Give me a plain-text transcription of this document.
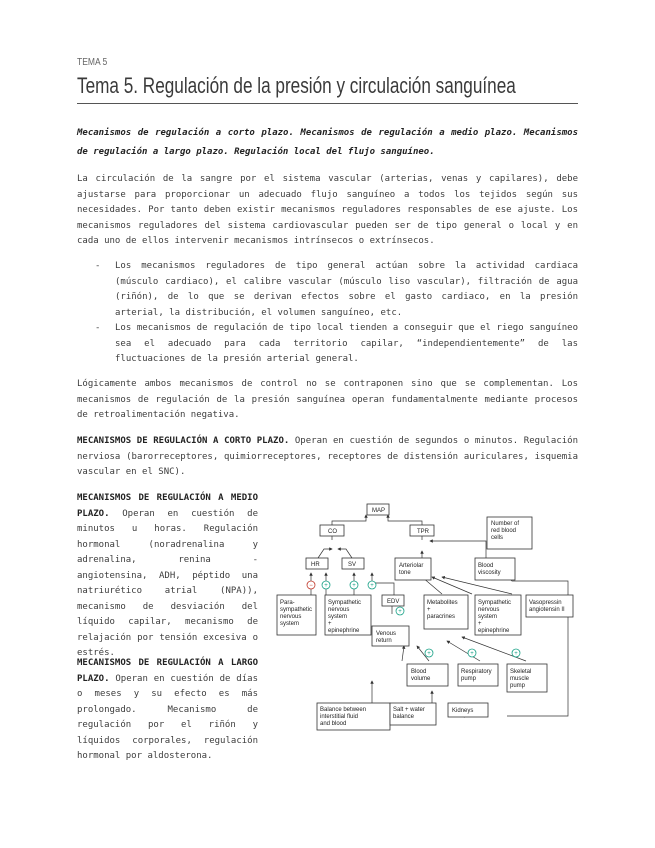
TEMA 5
Tema 5. Regulación de la presión y circulación sanguínea
Mecanismos de regulación a corto plazo. Mecanismos de regulación a medio plazo. Mecanismos de regulación a largo plazo. Regulación local del flujo sanguíneo.
La circulación de la sangre por el sistema vascular (arterias, venas y capilares), debe ajustarse para proporcionar un adecuado flujo sanguíneo a todos los tejidos según sus necesidades. Por tanto deben existir mecanismos reguladores responsables de ese ajuste. Los mecanismos reguladores del sistema cardiovascular pueden ser de tipo general o local y en cada uno de ellos intervenir mecanismos intrínsecos o extrínsecos.
- Los mecanismos reguladores de tipo general actúan sobre la actividad cardiaca (músculo cardiaco), el calibre vascular (músculo liso vascular), filtración de agua (riñón), de lo que se derivan efectos sobre el gasto cardiaco, en la presión arterial, la distribución, el volumen sanguíneo, etc.
- Los mecanismos de regulación de tipo local tienden a conseguir que el riego sanguíneo sea el adecuado para cada territorio capilar, “independientemente” de las fluctuaciones de la presión arterial general.
Lógicamente ambos mecanismos de control no se contraponen sino que se complementan. Los mecanismos de regulación de la presión sanguínea operan fundamentalmente mediante procesos de retroalimentación negativa.
MECANISMOS DE REGULACIÓN A CORTO PLAZO. Operan en cuestión de segundos o minutos. Regulación nerviosa (barorreceptores, quimiorreceptores, receptores de distensión auriculares, isquemia vascular en el SNC).
MECANISMOS DE REGULACIÓN A MEDIO PLAZO. Operan en cuestión de minutos u horas. Regulación hormonal (noradrenalina y adrenalina, renina - angiotensina, ADH, péptido una natriurético atrial (NPA)), mecanismo de desviación del líquido capilar, mecanismo de relajación por tensión excesiva o estrés.
MECANISMOS DE REGULACIÓN A LARGO PLAZO. Operan en cuestión de días o meses y su efecto es más prolongado. Mecanismo de regulación por el riñón y líquidos corporales, regulación hormonal por aldosterona.
− +	+ +
+
+	+	+
MAP
CO	TPR
Number of
red blood
cells
HR	SV	Arteriolar
tone
Blood
viscosity
Para-
sympathetic
nervous
system
Sympathetic
nervous
system
+
epinephrine
EDV	Metabolites
+
paracrines
Sympathetic
nervous
system
+
epinephrine
Vasopressin
angiotensin II
Venous
return
Blood
volume
Respiratory
pump
Skeletal
muscle
pump
Balance between
interstitial fluid
and blood
Salt + water
balance
Kidneys
